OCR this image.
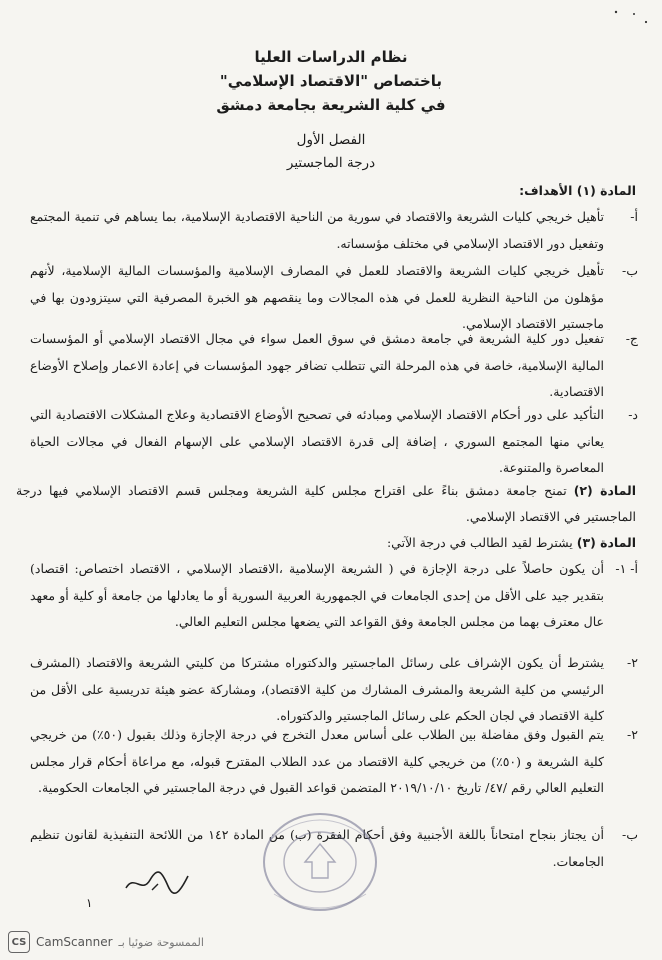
نظام الدراسات العليا
باختصاص "الاقتصاد الإسلامي"
في كلية الشريعة بجامعة دمشق
الفصل الأول
درجة الماجستير
المادة (١) الأهداف:
أ-
تأهيل خريجي كليات الشريعة والاقتصاد في سورية من الناحية الاقتصادية الإسلامية، بما يساهم في تنمية المجتمع وتفعيل دور الاقتصاد الإسلامي في مختلف مؤسساته.
ب-
تأهيل خريجي كليات الشريعة والاقتصاد للعمل في المصارف الإسلامية والمؤسسات المالية الإسلامية، لأنهم مؤهلون من الناحية النظرية للعمل في هذه المجالات وما ينقصهم هو الخبرة المصرفية التي سيتزودون بها في ماجستير الاقتصاد الإسلامي.
ج-
تفعيل دور كلية الشريعة في جامعة دمشق في سوق العمل سواء في مجال الاقتصاد الإسلامي أو المؤسسات المالية الإسلامية، خاصة في هذه المرحلة التي تتطلب تضافر جهود المؤسسات في إعادة الاعمار وإصلاح الأوضاع الاقتصادية.
د-
التأكيد على دور أحكام الاقتصاد الإسلامي ومبادئه في تصحيح الأوضاع الاقتصادية وعلاج المشكلات الاقتصادية التي يعاني منها المجتمع السوري ، إضافة إلى قدرة الاقتصاد الإسلامي على الإسهام الفعال في مجالات الحياة المعاصرة والمتنوعة.
المادة (٢) تمنح جامعة دمشق بناءً على اقتراح مجلس كلية الشريعة ومجلس قسم الاقتصاد الإسلامي فيها درجة الماجستير في الاقتصاد الإسلامي.
المادة (٣) يشترط لقيد الطالب في درجة الآتي:
أ- ١-
أن يكون حاصلاً على درجة الإجازة في ( الشريعة الإسلامية ،الاقتصاد الإسلامي ، الاقتصاد اختصاص: اقتصاد) بتقدير جيد على الأقل من إحدى الجامعات في الجمهورية العربية السورية أو ما يعادلها من جامعة أو كلية أو معهد عال معترف بهما من مجلس الجامعة وفق القواعد التي يضعها مجلس التعليم العالي.
٢-
يشترط أن يكون الإشراف على رسائل الماجستير والدكتوراه مشتركا من كليتي الشريعة والاقتصاد (المشرف الرئيسي من كلية الشريعة والمشرف المشارك من كلية الاقتصاد)، ومشاركة عضو هيئة تدريسية على الأقل من كلية الاقتصاد في لجان الحكم على رسائل الماجستير والدكتوراه.
٢-
يتم القبول وفق مفاضلة بين الطلاب على أساس معدل التخرج في درجة الإجازة وذلك بقبول (٥٠٪) من خريجي كلية الشريعة و (٥٠٪) من خريجي كلية الاقتصاد من عدد الطلاب المقترح قبوله، مع مراعاة أحكام قرار مجلس التعليم العالي رقم /٤٧/ تاريخ ٢٠١٩/١٠/١٠ المتضمن قواعد القبول في درجة الماجستير في الجامعات الحكومية.
ب-
أن يجتاز بنجاح امتحاناً باللغة الأجنبية وفق أحكام الفقرة (ب) من المادة ١٤٢ من اللائحة التنفيذية لقانون تنظيم الجامعات.
١
CS CamScanner الممسوحة ضوئيا بـ
